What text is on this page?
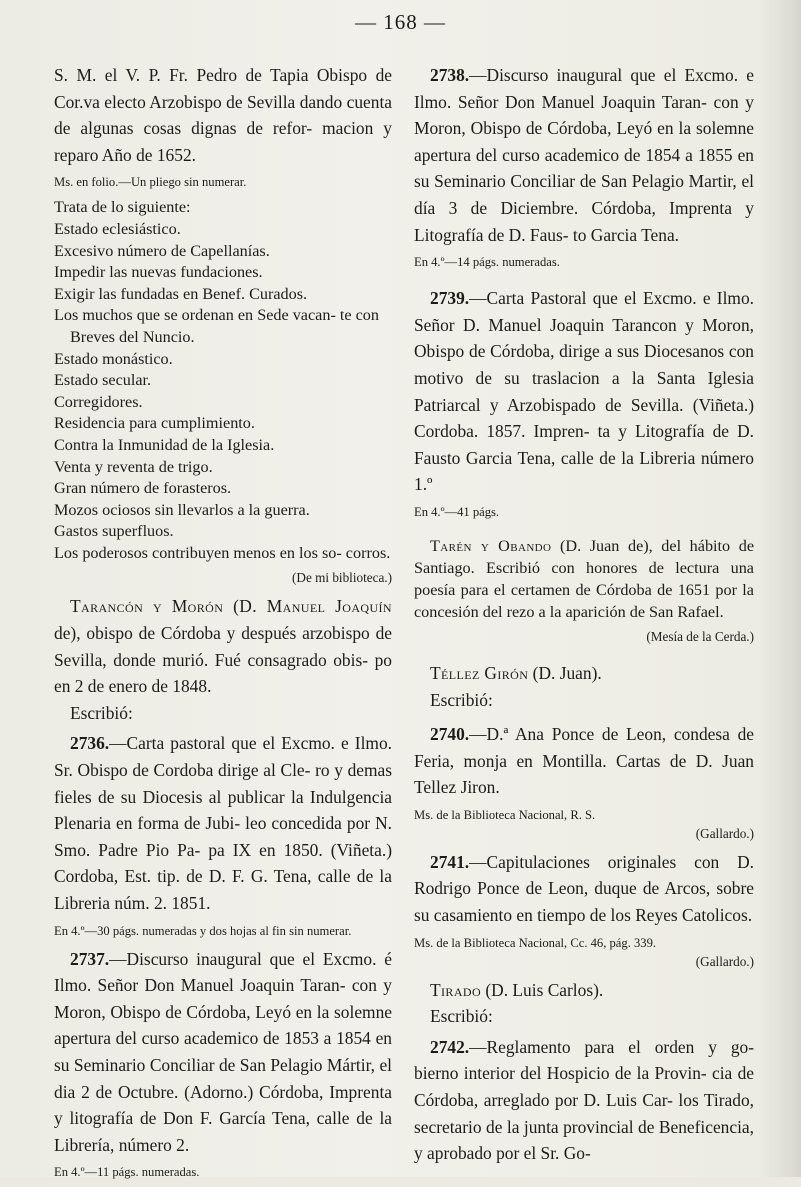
— 168 —

S. M. el V. P. Fr. Pedro de Tapia Obispo de Cor.va electo Arzobispo de Sevilla dando cuenta de algunas cosas dignas de refor- macion y reparo Año de 1652.

Ms. en folio.—Un pliego sin numerar.

Trata de lo siguiente:

Estado eclesiástico.

Excesivo número de Capellanías.

Impedir las nuevas fundaciones.

Exigir las fundadas en Benef. Curados.

Los muchos que se ordenan en Sede vacan- te con Breves del Nuncio.

Estado monástico.

Estado secular.

Corregidores.

Residencia para cumplimiento.

Contra la Inmunidad de la Iglesia.

Venta y reventa de trigo.

Gran número de forasteros.

Mozos ociosos sin llevarlos a la guerra.

Gastos superfluos.

Los poderosos contribuyen menos en los so- corros.

(De mi biblioteca.)

Tarancón y Morón (D. Manuel Joaquín de), obispo de Córdoba y después arzobispo de Sevilla, donde murió. Fué consagrado obis- po en 2 de enero de 1848.

Escribió:

2736.—Carta pastoral que el Excmo. e Ilmo. Sr. Obispo de Cordoba dirige al Cle- ro y demas fieles de su Diocesis al publicar la Indulgencia Plenaria en forma de Jubi- leo concedida por N. Smo. Padre Pio Pa- pa IX en 1850. (Viñeta.) Cordoba, Est. tip. de D. F. G. Tena, calle de la Libreria núm. 2. 1851.

En 4.º—30 págs. numeradas y dos hojas al fin sin numerar.

2737.—Discurso inaugural que el Excmo. é Ilmo. Señor Don Manuel Joaquin Taran- con y Moron, Obispo de Córdoba, Leyó en la solemne apertura del curso academico de 1853 a 1854 en su Seminario Conciliar de San Pelagio Mártir, el dia 2 de Octubre. (Adorno.) Córdoba, Imprenta y litografía de Don F. García Tena, calle de la Librería, número 2.

En 4.º—11 págs. numeradas.

2738.—Discurso inaugural que el Excmo. e Ilmo. Señor Don Manuel Joaquin Taran- con y Moron, Obispo de Córdoba, Leyó en la solemne apertura del curso academico de 1854 a 1855 en su Seminario Conciliar de San Pelagio Martir, el día 3 de Diciembre. Córdoba, Imprenta y Litografía de D. Faus- to Garcia Tena.

En 4.º—14 págs. numeradas.

2739.—Carta Pastoral que el Excmo. e Ilmo. Señor D. Manuel Joaquin Tarancon y Moron, Obispo de Córdoba, dirige a sus Diocesanos con motivo de su traslacion a la Santa Iglesia Patriarcal y Arzobispado de Sevilla. (Viñeta.) Cordoba. 1857. Impren- ta y Litografía de D. Fausto Garcia Tena, calle de la Libreria número 1.º

En 4.º—41 págs.

Tarén y Obando (D. Juan de), del hábito de Santiago. Escribió con honores de lectura una poesía para el certamen de Córdoba de 1651 por la concesión del rezo a la aparición de San Rafael.

(Mesía de la Cerda.)

Téllez Girón (D. Juan).

Escribió:

2740.—D.ª Ana Ponce de Leon, condesa de Feria, monja en Montilla. Cartas de D. Juan Tellez Jiron.

Ms. de la Biblioteca Nacional, R. S.

(Gallardo.)

2741.—Capitulaciones originales con D. Rodrigo Ponce de Leon, duque de Arcos, sobre su casamiento en tiempo de los Reyes Catolicos.

Ms. de la Biblioteca Nacional, Cc. 46, pág. 339.

(Gallardo.)

Tirado (D. Luis Carlos).

Escribió:

2742.—Reglamento para el orden y go- bierno interior del Hospicio de la Provin- cia de Córdoba, arreglado por D. Luis Car- los Tirado, secretario de la junta provincial de Beneficencia, y aprobado por el Sr. Go-
